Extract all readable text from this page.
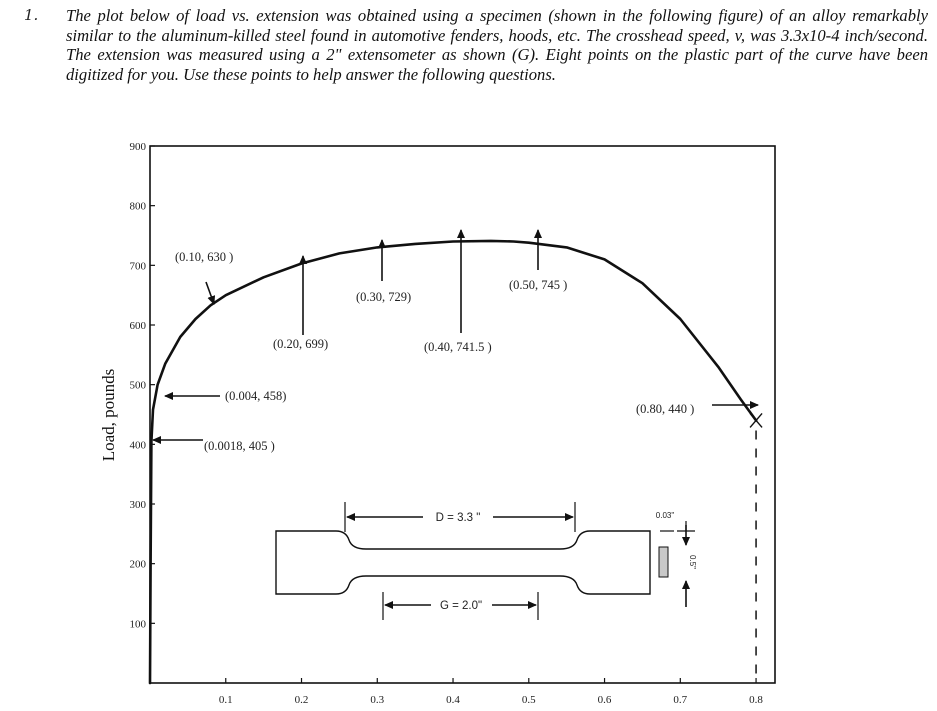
1. The plot below of load vs. extension was obtained using a specimen (shown in the following figure) of an alloy remarkably similar to the aluminum-killed steel found in automotive fenders, hoods, etc. The crosshead speed, v, was 3.3x10-4 inch/second. The extension was measured using a 2" extensometer as shown (G). Eight points on the plastic part of the curve have been digitized for you. Use these points to help answer the following questions.

100
200
300
400
500
600
700
800
900
0.1	0.2	0.3	0.4	0.5	0.6	0.7	0.8
Load, pounds	(0.0018, 405 )
(0.004, 458)
(0.10, 630 )
(0.20, 699)
(0.30, 729)
(0.40, 741.5 )
(0.50, 745 )
(0.80, 440 )
D = 3.3 "
G = 2.0"
0.03"
0.5"
